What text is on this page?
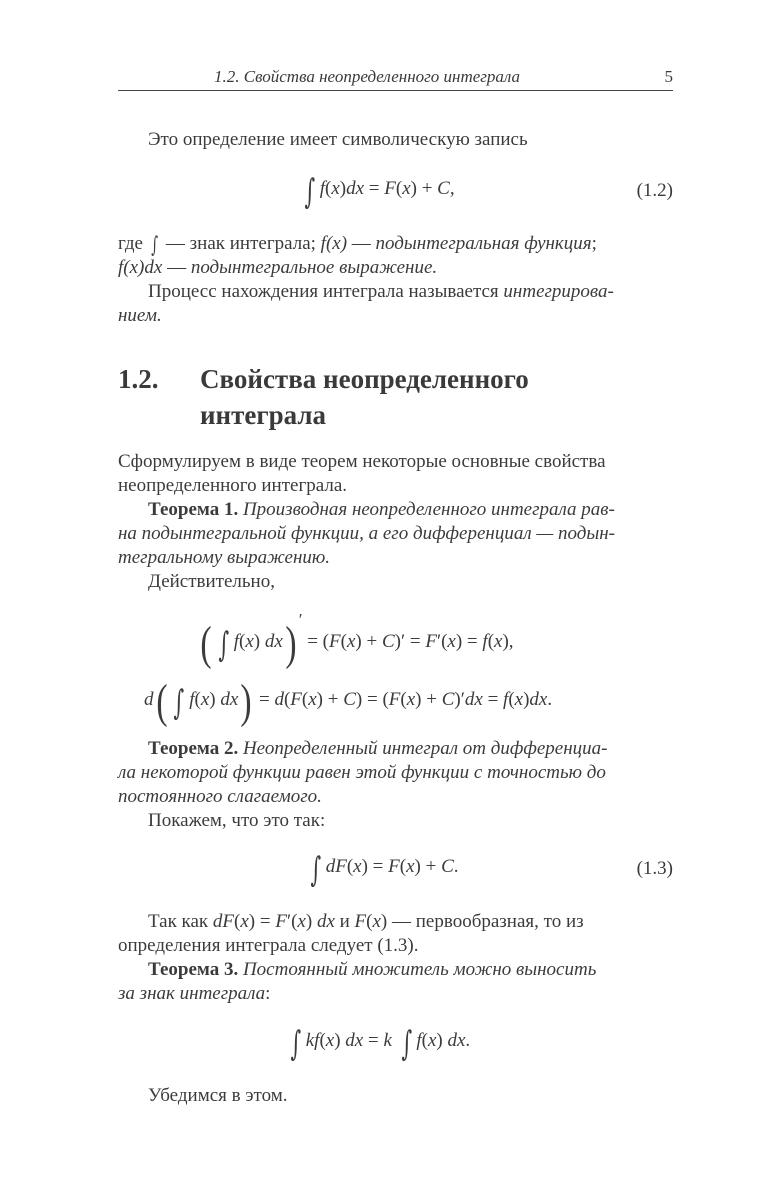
1.2. Свойства неопределенного интеграла	5
Это определение имеет символическую запись
∫ f(x)dx = F(x) + C,	(1.2)
где ∫ — знак интеграла; f(x) — подынтегральная функция;
f(x)dx — подынтегральное выражение.
Процесс нахождения интеграла называется интегрирова-
нием.
1.2. Свойства неопределенного
интеграла
Сформулируем в виде теорем некоторые основные свойства
неопределенного интеграла.
Теорема 1. Производная неопределенного интеграла рав-
на подынтегральной функции, а его дифференциал — подын-
тегральному выражению.
Действительно,
( ∫ f(x) dx) ′ = (F(x) + C)′ = F′(x) = f(x),
d( ∫ f(x) dx) = d(F(x) + C) = (F(x) + C)′dx = f(x)dx.
Теорема 2. Неопределенный интеграл от дифференциа-
ла некоторой функции равен этой функции с точностью до
постоянного слагаемого.
Покажем, что это так:
∫ dF(x) = F(x) + C.	(1.3)
Так как dF(x) = F′(x) dx и F(x) — первообразная, то из
определения интеграла следует (1.3).
Теорема 3. Постоянный множитель можно выносить
за знак интеграла:
∫ kf(x) dx = k ∫ f(x) dx.
Убедимся в этом.
